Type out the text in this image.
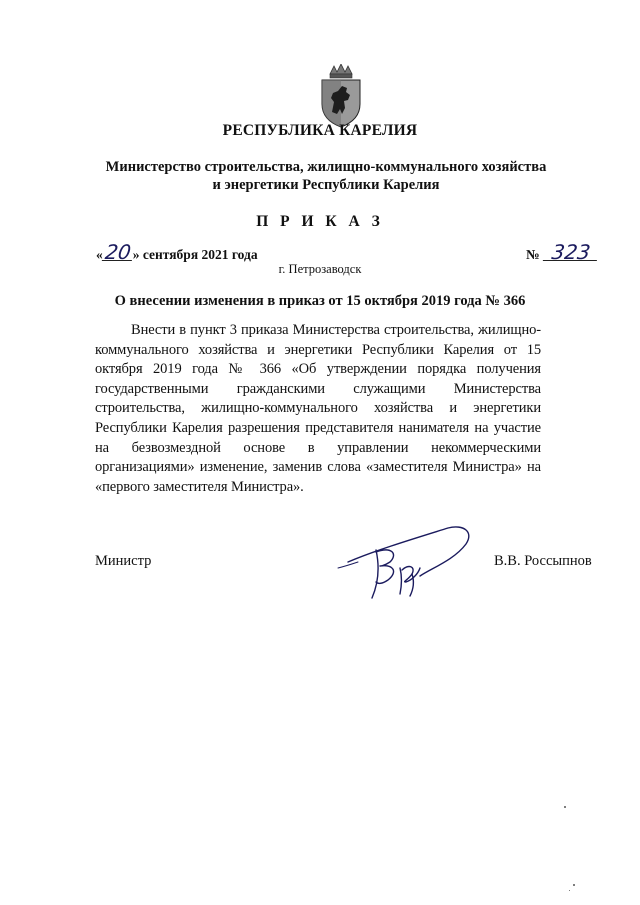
РЕСПУБЛИКА КАРЕЛИЯ
Министерство строительства, жилищно-коммунального хозяйства и энергетики Республики Карелия
П Р И К А З
«20» сентября 2021 года	№ 323
г. Петрозаводск
О внесении изменения в приказ от 15 октября 2019 года № 366
Внести в пункт 3 приказа Министерства строительства, жилищно-коммунального хозяйства и энергетики Республики Карелия от 15 октября 2019 года № 366 «Об утверждении порядка получения государственными гражданскими служащими Министерства строительства, жилищно-коммунального хозяйства и энергетики Республики Карелия разрешения представителя нанимателя на участие на безвозмездной основе в управлении некоммерческими организациями» изменение, заменив слова «заместителя Министра» на «первого заместителя Министра».
Министр	В.В. Россыпнов
